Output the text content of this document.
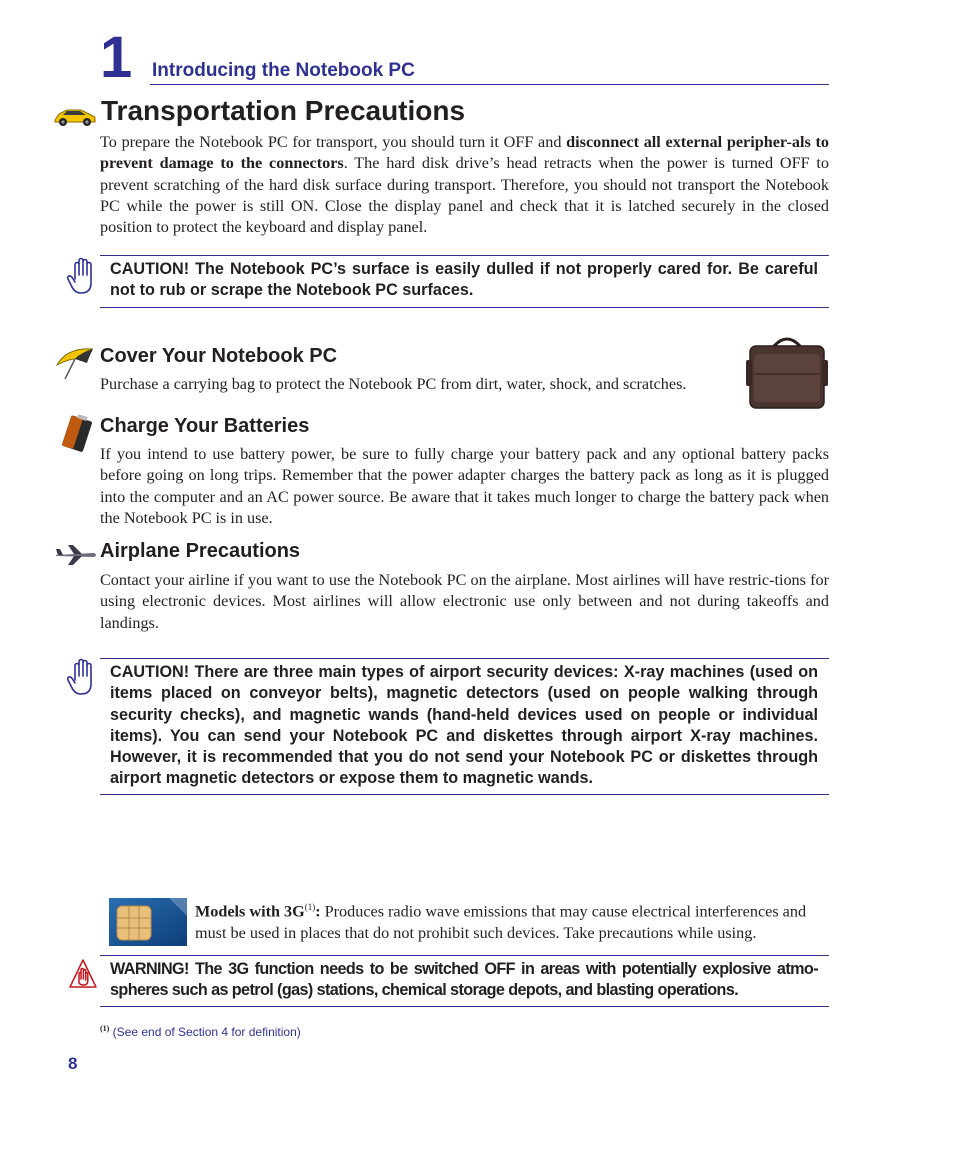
1 Introducing the Notebook PC
Transportation Precautions
To prepare the Notebook PC for transport, you should turn it OFF and disconnect all external peripher-als to prevent damage to the connectors. The hard disk drive’s head retracts when the power is turned OFF to prevent scratching of the hard disk surface during transport. Therefore, you should not transport the Notebook PC while the power is still ON. Close the display panel and check that it is latched securely in the closed position to protect the keyboard and display panel.
CAUTION! The Notebook PC’s surface is easily dulled if not properly cared for. Be careful not to rub or scrape the Notebook PC surfaces.
Cover Your Notebook PC
Purchase a carrying bag to protect the Notebook PC from dirt, water, shock, and scratches.
Charge Your Batteries
If you intend to use battery power, be sure to fully charge your battery pack and any optional battery packs before going on long trips. Remember that the power adapter charges the battery pack as long as it is plugged into the computer and an AC power source. Be aware that it takes much longer to charge the battery pack when the Notebook PC is in use.
Airplane Precautions
Contact your airline if you want to use the Notebook PC on the airplane. Most airlines will have restric-tions for using electronic devices. Most airlines will allow electronic use only between and not during takeoffs and landings.
CAUTION! There are three main types of airport security devices: X-ray machines (used on items placed on conveyor belts), magnetic detectors (used on people walking through security checks), and magnetic wands (hand-held devices used on people or individual items). You can send your Notebook PC and diskettes through airport X-ray machines. However, it is recommended that you do not send your Notebook PC or diskettes through airport magnetic detectors or expose them to magnetic wands.
Models with $3G^{(1)}$: Produces radio wave emissions that may cause electrical interferences and must be used in places that do not prohibit such devices. Take precautions while using.
WARNING! The 3G function needs to be switched OFF in areas with potentially explosive atmo-spheres such as petrol (gas) stations, chemical storage depots, and blasting operations.
$^{(1)}$ (See end of Section 4 for definition)
8
